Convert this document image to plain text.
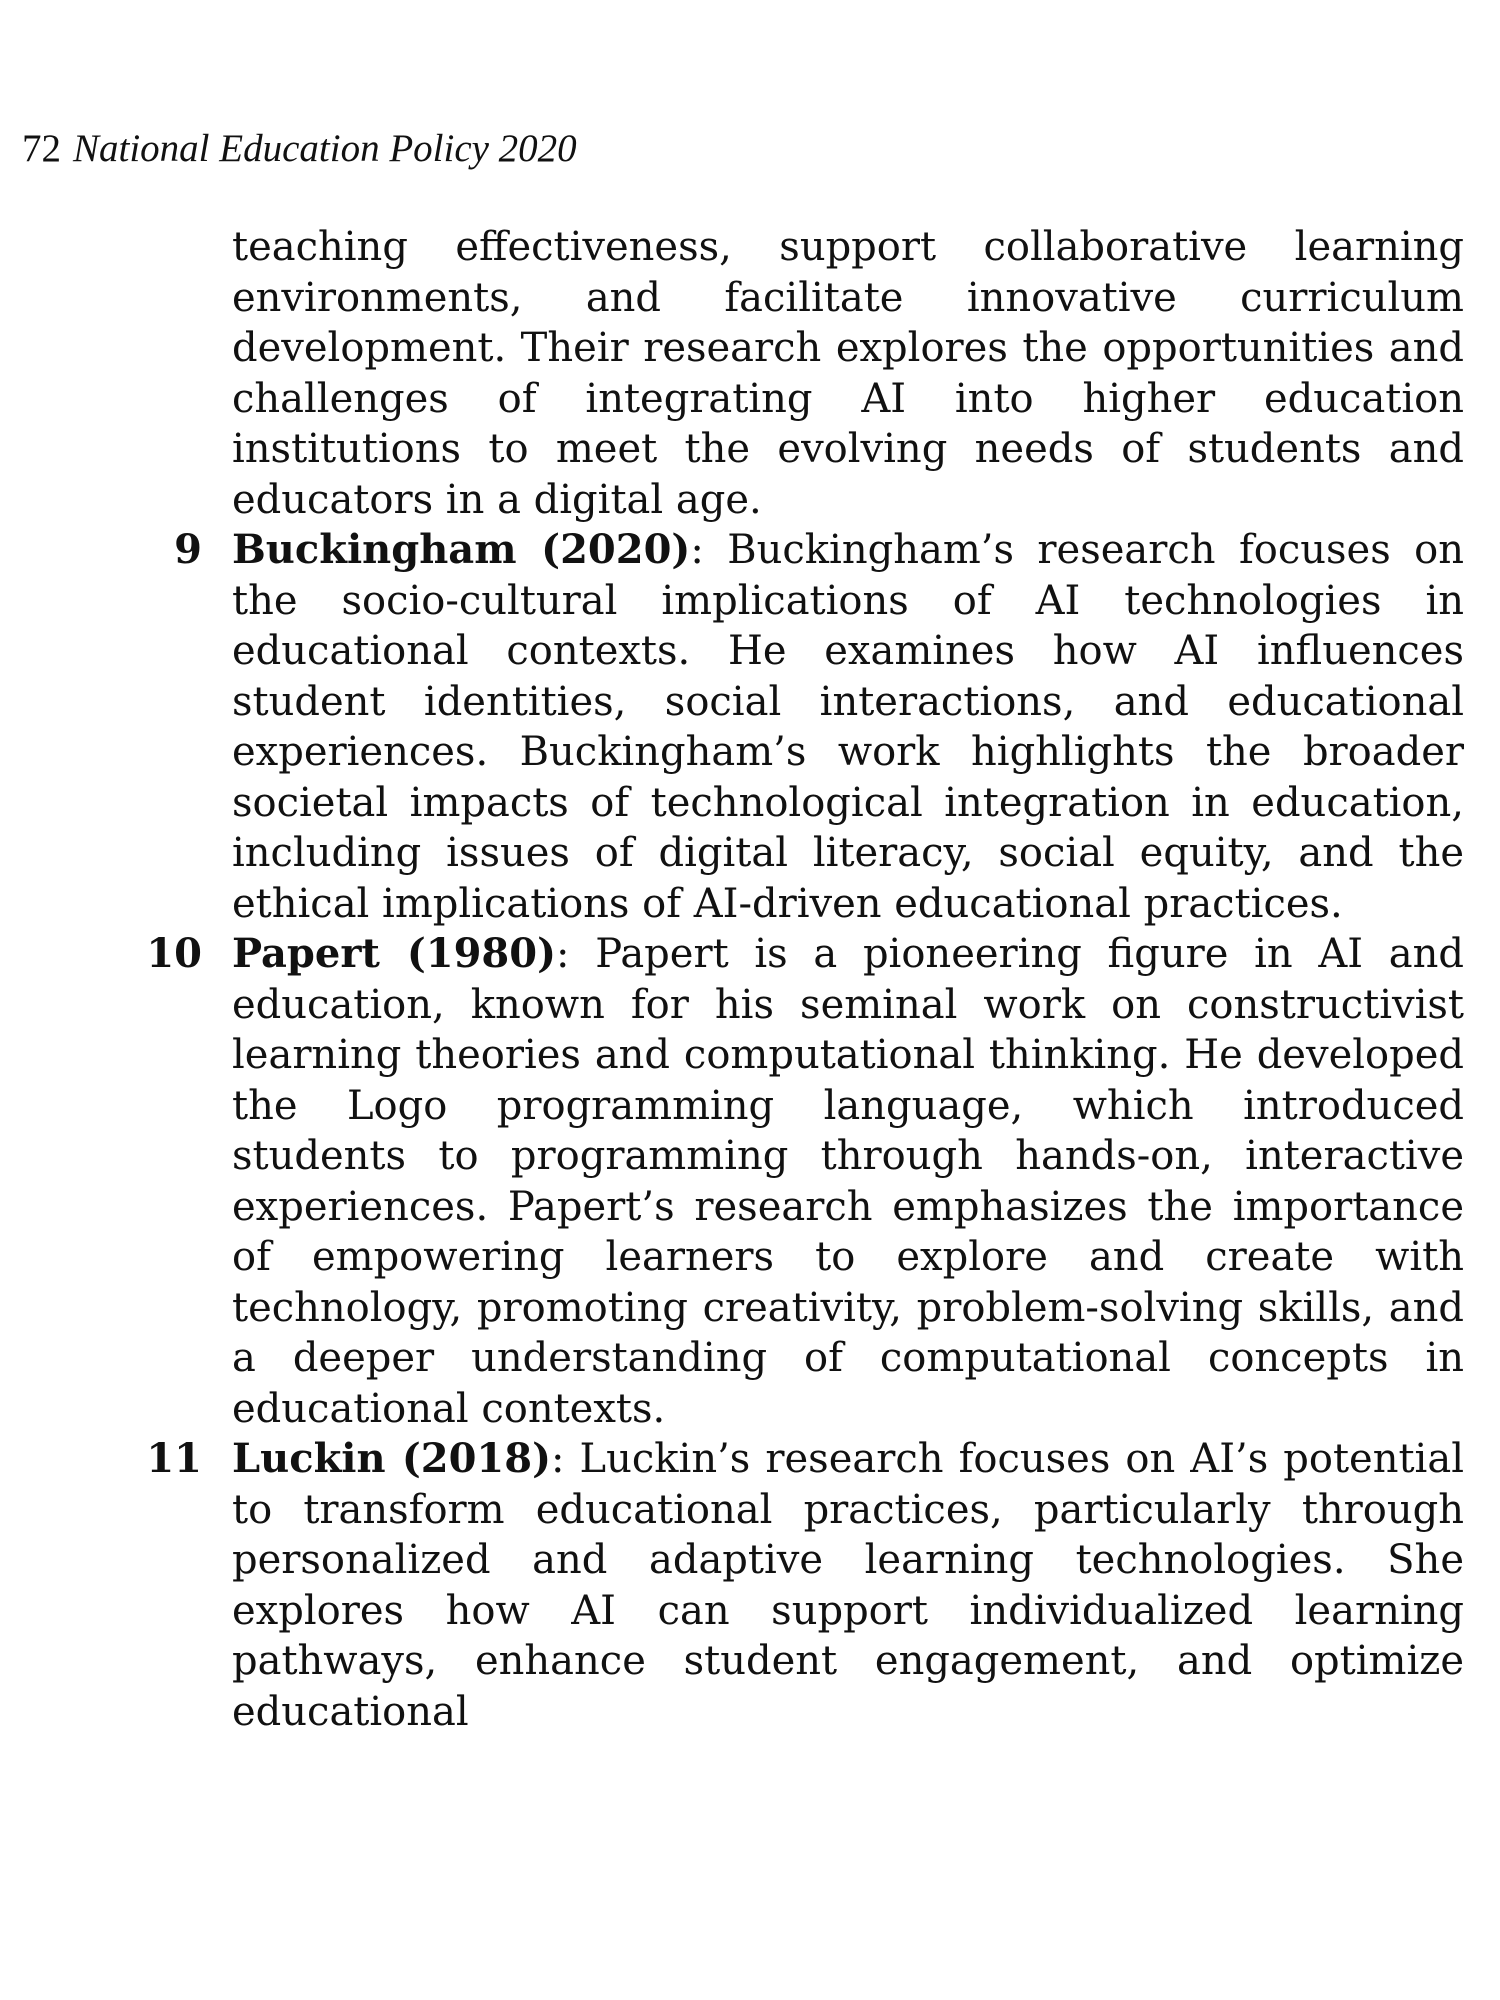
72 National Education Policy 2020

teaching effectiveness, support collaborative learning environments, and facilitate innovative curriculum development. Their research explores the opportunities and challenges of integrating AI into higher education institutions to meet the evolving needs of students and educators in a digital age.

9 Buckingham (2020): Buckingham’s research focuses on the socio-cultural implications of AI technologies in educational contexts. He examines how AI influences student identities, social interactions, and educational experiences. Buckingham’s work highlights the broader societal impacts of technological integration in education, including issues of digital literacy, social equity, and the ethical implications of AI-driven educational practices.

10 Papert (1980): Papert is a pioneering figure in AI and education, known for his seminal work on constructivist learning theories and computational thinking. He developed the Logo programming language, which introduced students to programming through hands-on, interactive experiences. Papert’s research emphasizes the importance of empowering learners to explore and create with technology, promoting creativity, problem-solving skills, and a deeper understanding of computational concepts in educational contexts.

11 Luckin (2018): Luckin’s research focuses on AI’s potential to transform educational practices, particularly through personalized and adaptive learning technologies. She explores how AI can support individualized learning pathways, enhance student engagement, and optimize educational
